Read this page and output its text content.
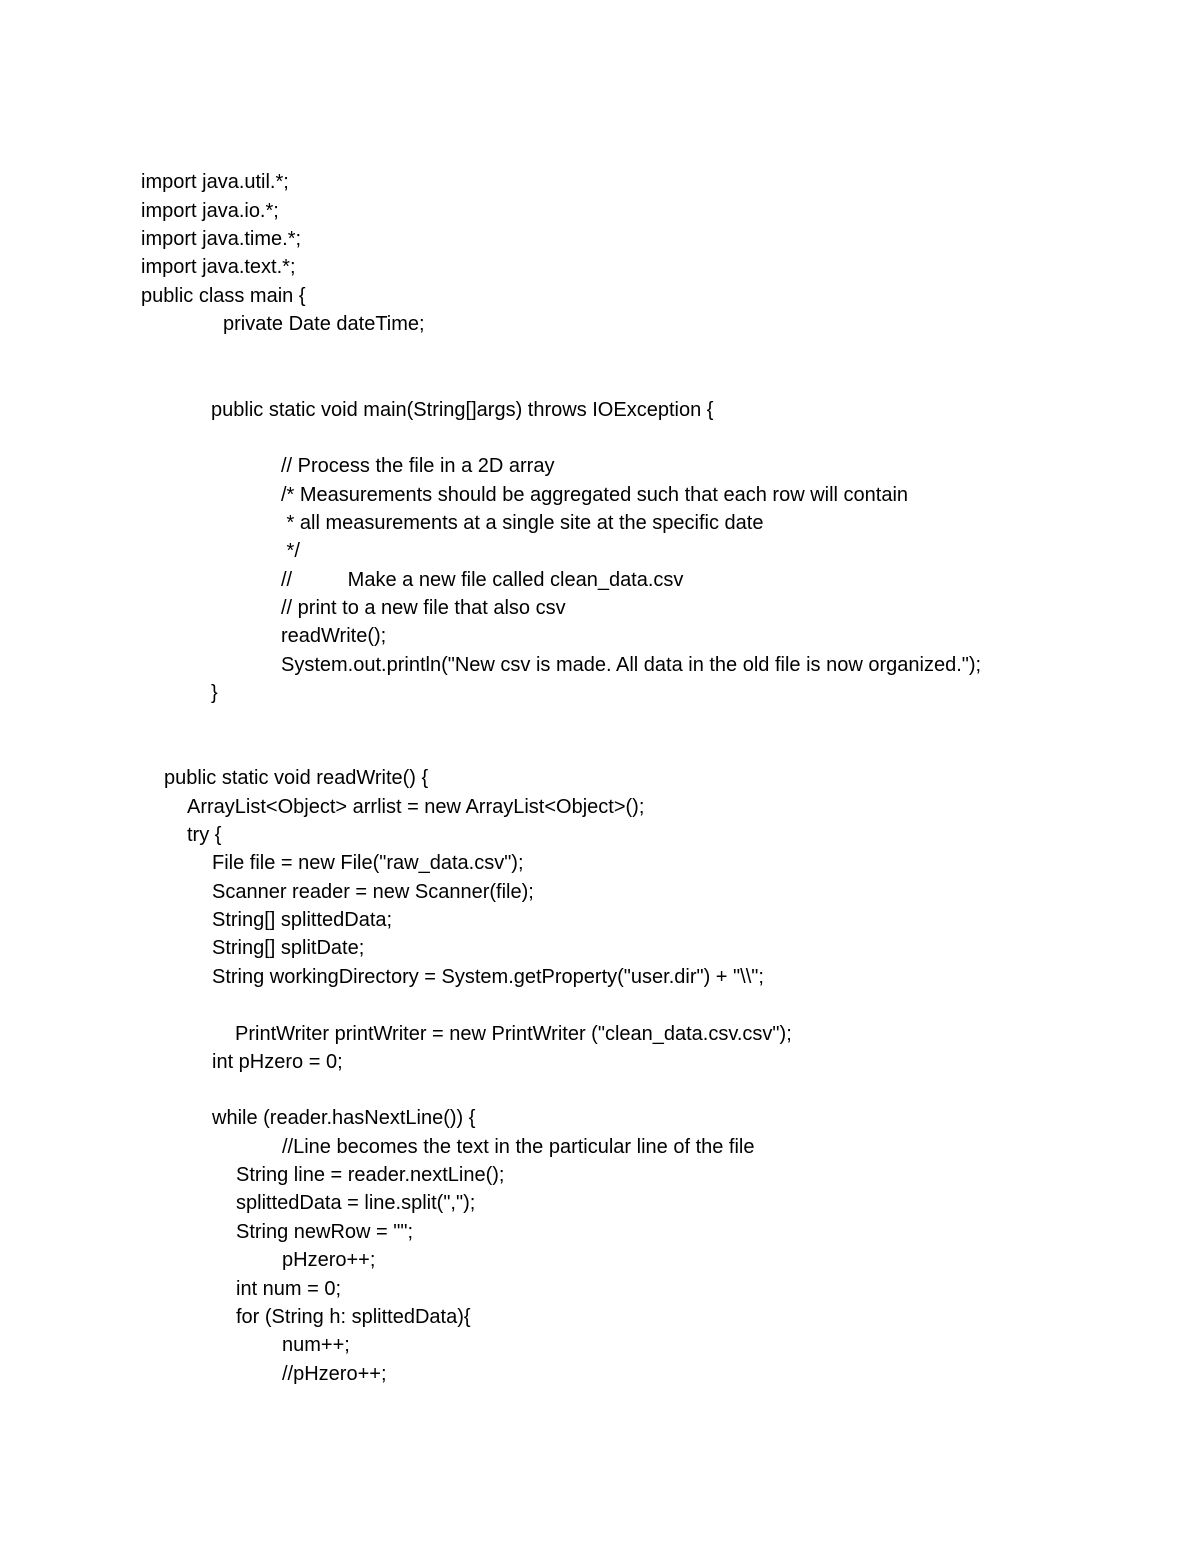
import java.util.*;
import java.io.*;
import java.time.*;
import java.text.*;
public class main {
private Date dateTime;
public static void main(String[]args) throws IOException {
// Process the file in a 2D array
/* Measurements should be aggregated such that each row will contain
* all measurements at a single site at the specific date
*/
//          Make a new file called clean_data.csv
// print to a new file that also csv
readWrite();
System.out.println("New csv is made. All data in the old file is now organized.");
}
public static void readWrite() {
ArrayList<Object> arrlist = new ArrayList<Object>();
try {
File file = new File("raw_data.csv");
Scanner reader = new Scanner(file);
String[] splittedData;
String[] splitDate;
String workingDirectory = System.getProperty("user.dir") + "\\";
PrintWriter printWriter = new PrintWriter ("clean_data.csv.csv");
int pHzero = 0;
while (reader.hasNextLine()) {
//Line becomes the text in the particular line of the file
String line = reader.nextLine();
splittedData = line.split(",");
String newRow = "";
pHzero++;
int num = 0;
for (String h: splittedData){
num++;
//pHzero++;
